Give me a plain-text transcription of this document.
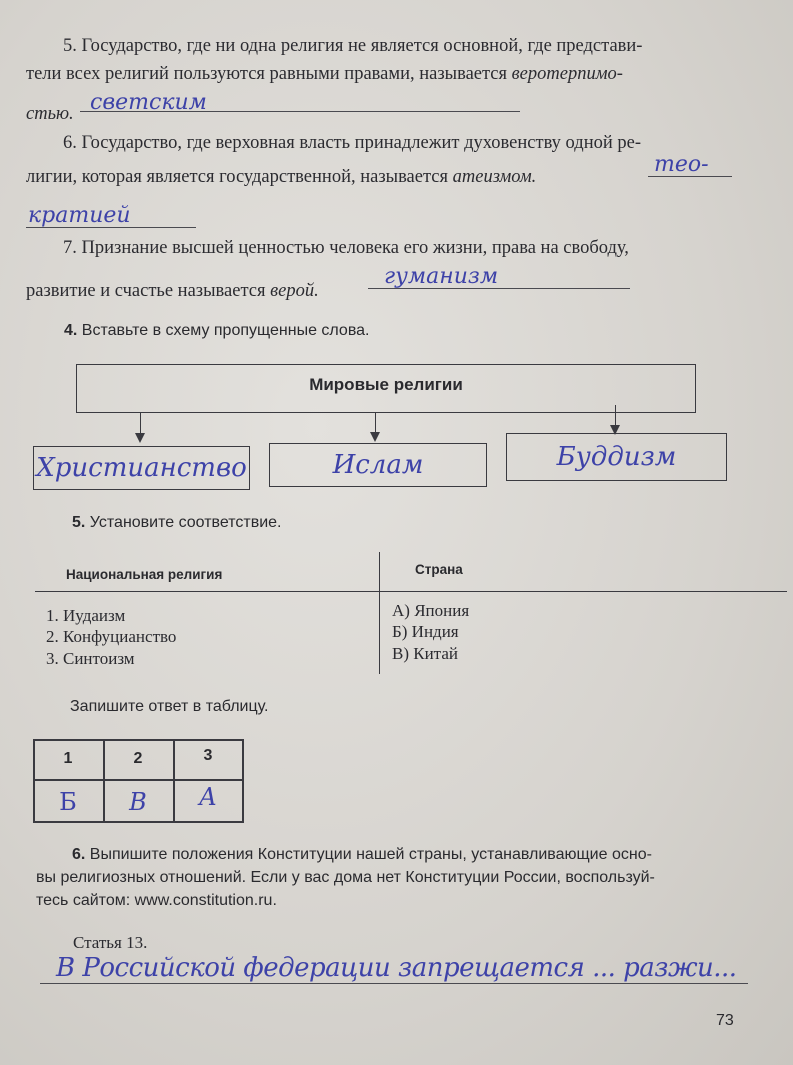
5. Государство, где ни одна религия не является основной, где представи-
тели всех религий пользуются равными правами, называется веротерпимо-
стью. светским
6. Государство, где верховная власть принадлежит духовенству одной ре-
лигии, которая является государственной, называется атеизмом.	тео-
кратией
7. Признание высшей ценностью человека его жизни, права на свободу,
развитие и счастье называется верой.
гуманизм
4. Вставьте в схему пропущенные слова.
Мировые религии
Христианство	Ислам	Буддизм
5. Установите соответствие.
Национальная религия	Страна
1. Иудаизм
2. Конфуцианство
3. Синтоизм
А) Япония
Б) Индия
В) Китай
Запишите ответ в таблицу.
1	2	3
Б	В	А
6. Выпишите положения Конституции нашей страны, устанавливающие осно-
вы религиозных отношений. Если у вас дома нет Конституции России, воспользуй-
тесь сайтом: www.constitution.ru.
Статья 13.
В Российской федерации запрещается ... разжи...
73
